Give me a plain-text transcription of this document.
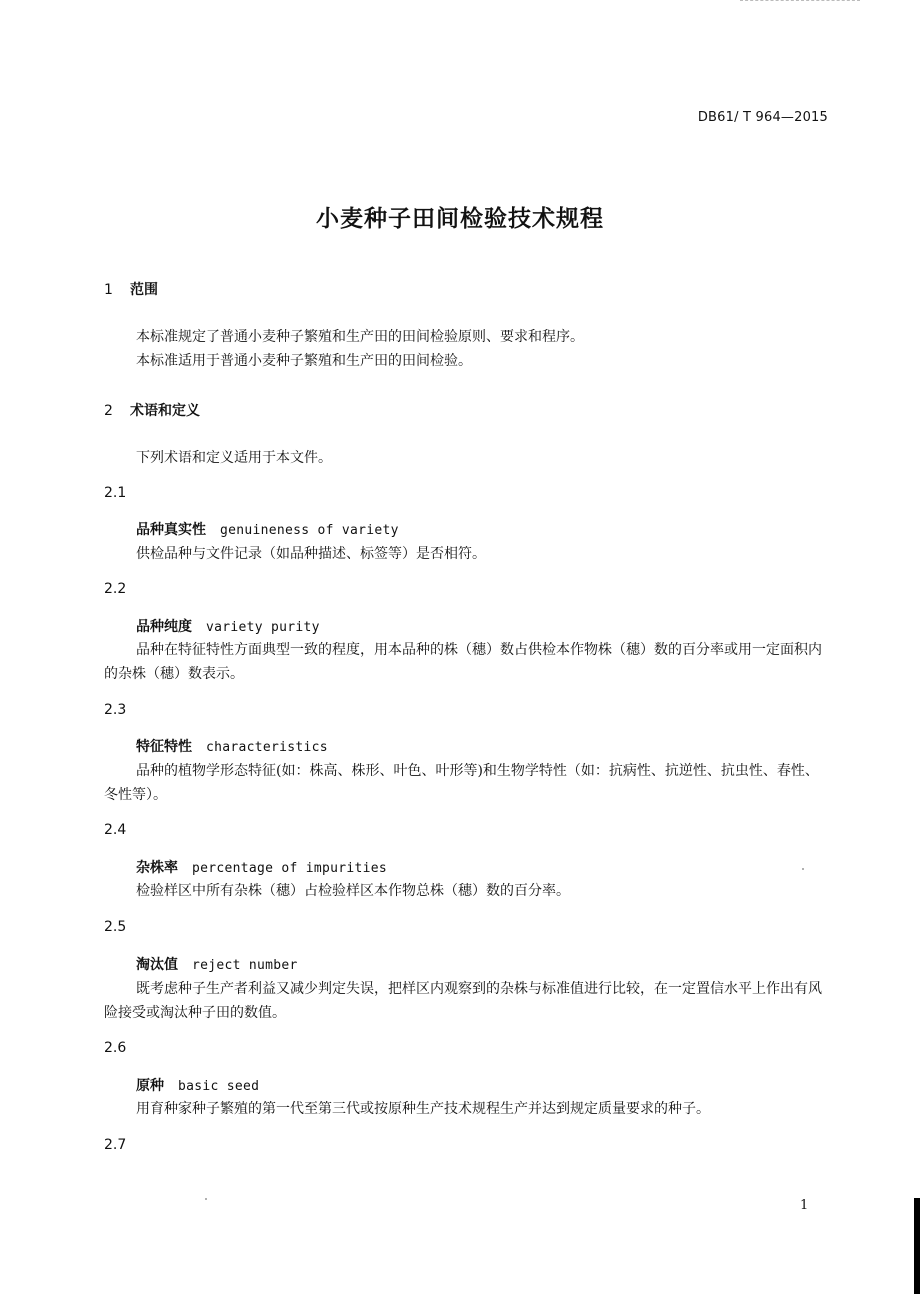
DB61/ T 964—2015
小麦种子田间检验技术规程
1 范围
本标准规定了普通小麦种子繁殖和生产田的田间检验原则、要求和程序。
本标准适用于普通小麦种子繁殖和生产田的田间检验。
2 术语和定义
下列术语和定义适用于本文件。
2.1
品种真实性 genuineness of variety
供检品种与文件记录（如品种描述、标签等）是否相符。
2.2
品种纯度 variety purity
品种在特征特性方面典型一致的程度，用本品种的株（穗）数占供检本作物株（穗）数的百分率或用一定面积内的杂株（穗）数表示。
2.3
特征特性 characteristics
品种的植物学形态特征(如：株高、株形、叶色、叶形等)和生物学特性（如：抗病性、抗逆性、抗虫性、春性、冬性等）。
2.4
杂株率 percentage of impurities
检验样区中所有杂株（穗）占检验样区本作物总株（穗）数的百分率。
2.5
淘汰值 reject number
既考虑种子生产者利益又减少判定失误，把样区内观察到的杂株与标准值进行比较，在一定置信水平上作出有风险接受或淘汰种子田的数值。
2.6
原种 basic seed
用育种家种子繁殖的第一代至第三代或按原种生产技术规程生产并达到规定质量要求的种子。
2.7
1
